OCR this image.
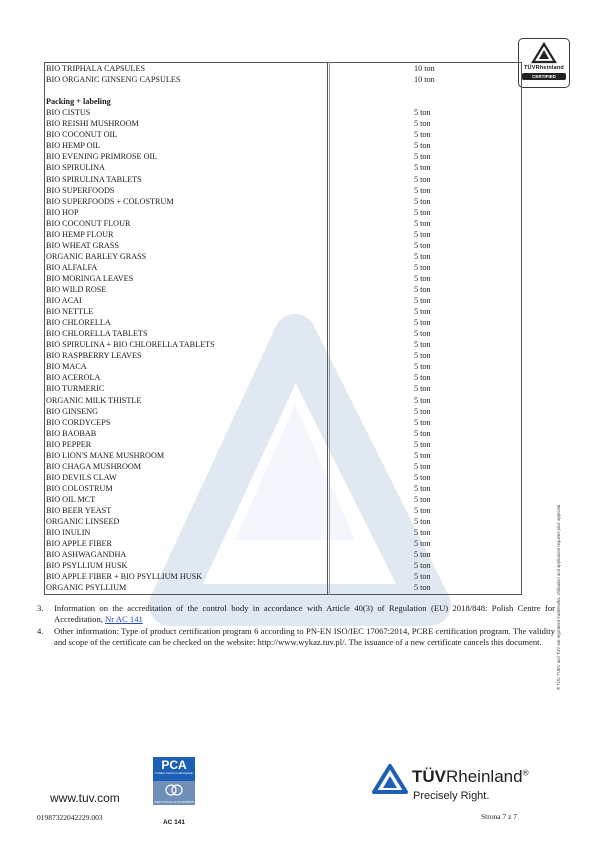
TÜVRheinland
CERTIFIED
BIO TRIPHALA CAPSULES	10 ton
BIO ORGANIC GINSENG CAPSULES	10 ton
Packing + labeling
BIO CISTUS	5 ton
BIO REISHI MUSHROOM	5 ton
BIO COCONUT OIL	5 ton
BIO HEMP OIL	5 ton
BIO EVENING PRIMROSE OIL	5 ton
BIO SPIRULINA	5 ton
BIO SPIRULINA TABLETS	5 ton
BIO SUPERFOODS	5 ton
BIO SUPERFOODS + COLOSTRUM	5 ton
BIO HOP	5 ton
BIO COCONUT FLOUR	5 ton
BIO HEMP FLOUR	5 ton
BIO WHEAT GRASS	5 ton
ORGANIC BARLEY GRASS	5 ton
BIO ALFALFA	5 ton
BIO MORINGA LEAVES	5 ton
BIO WILD ROSE	5 ton
BIO ACAI	5 ton
BIO NETTLE	5 ton
BIO CHLORELLA	5 ton
BIO CHLORELLA TABLETS	5 ton
BIO SPIRULINA + BIO CHLORELLA TABLETS	5 ton
BIO RASPBERRY LEAVES	5 ton
BIO MACA	5 ton
BIO ACEROLA	5 ton
BIO TURMERIC	5 ton
ORGANIC MILK THISTLE	5 ton
BIO GINSENG	5 ton
BIO CORDYCEPS	5 ton
BIO BAOBAB	5 ton
BIO PEPPER	5 ton
BIO LION'S MANE MUSHROOM	5 ton
BIO CHAGA MUSHROOM	5 ton
BIO DEVILS CLAW	5 ton
BIO COLOSTRUM	5 ton
BIO OIL MCT	5 ton
BIO BEER YEAST	5 ton
ORGANIC LINSEED	5 ton
BIO INULIN	5 ton
BIO APPLE FIBER	5 ton
BIO ASHWAGANDHA	5 ton
BIO PSYLLIUM HUSK	5 ton
BIO APPLE FIBER + BIO PSYLLIUM HUSK	5 ton
ORGANIC PSYLLIUM	5 ton
3. Information on the accreditation of the control body in accordance with Article 40(3) of Regulation (EU) 2018/848: Polish Centre for Accreditation, Nr AC 141
4. Other information: Type of product certification program 6 according to PN-EN ISO/IEC 17067:2014, PCRE certification program. The validity and scope of the certificate can be checked on the website: http://www.wykaz.tuv.pl/. The issuance of a new certificate cancels this document.	® TÜV, TUEV and TUV are registered trademarks. Utilisation and application requires prior approval.
www.tuv.com
01987322042229.003
PCA
Polskie Centrum Akredytacji
CERTYFIKACJA WYROBÓW
AC 141
TÜVRheinland®
Precisely Right.
Strona 7 z 7
